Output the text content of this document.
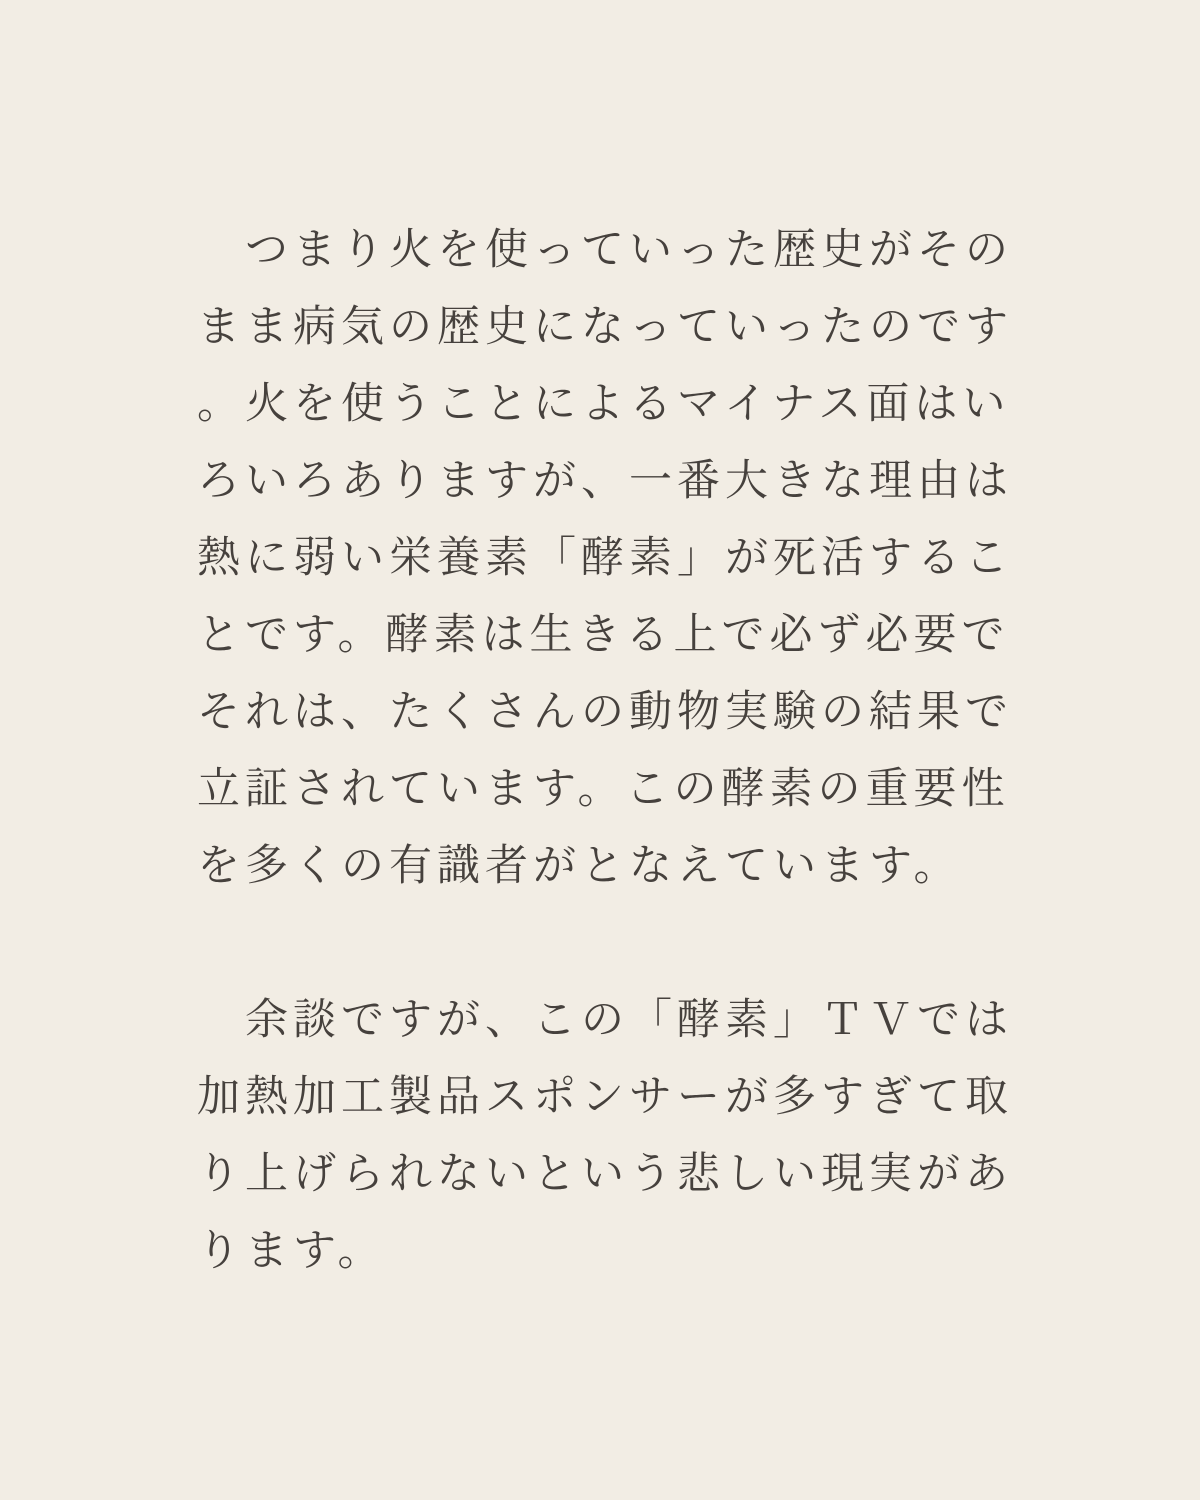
　つまり火を使っていった歴史がその
まま病気の歴史になっていったのです
。火を使うことによるマイナス面はい
ろいろありますが、一番大きな理由は
熱に弱い栄養素「酵素」が死活するこ
とです。酵素は生きる上で必ず必要で
それは、たくさんの動物実験の結果で
立証されています。この酵素の重要性
を多くの有識者がとなえています。
　余談ですが、この「酵素」ＴＶでは
加熱加工製品スポンサーが多すぎて取
り上げられないという悲しい現実があ
ります。
